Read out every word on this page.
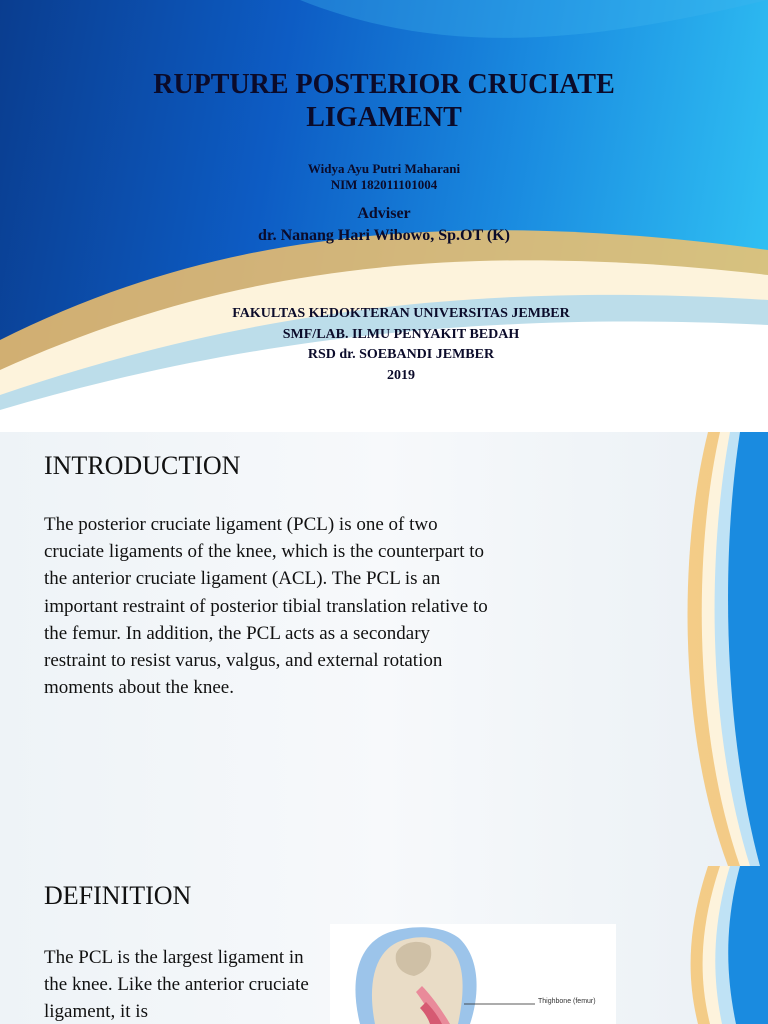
RUPTURE POSTERIOR CRUCIATE
LIGAMENT
Widya Ayu Putri Maharani
NIM 182011101004
Adviser
dr. Nanang Hari Wibowo, Sp.OT (K)
FAKULTAS KEDOKTERAN UNIVERSITAS JEMBER
SMF/LAB. ILMU PENYAKIT BEDAH
RSD dr. SOEBANDI JEMBER
2019
INTRODUCTION

The posterior cruciate ligament (PCL) is one of two cruciate ligaments of the knee, which is the counterpart to the anterior cruciate ligament (ACL). The PCL is an important restraint of posterior tibial translation relative to the femur. In addition, the PCL acts as a secondary restraint to resist varus, valgus, and external rotation moments about the knee.

DEFINITION

The PCL is the largest ligament in the knee. Like the anterior cruciate ligament, it is	Thighbone (femur)
